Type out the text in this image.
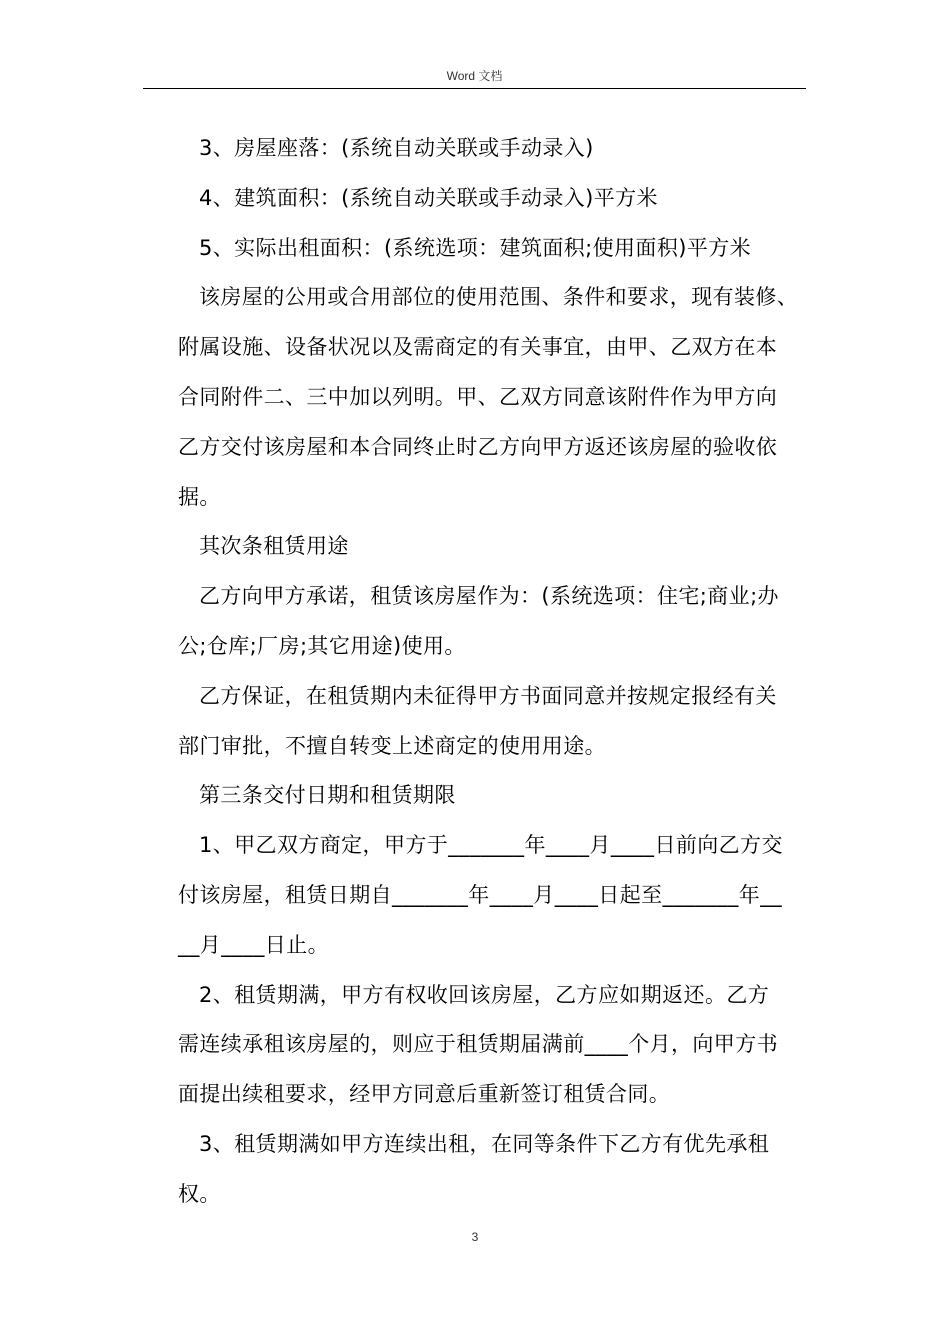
Word 文档

3、房屋座落：(系统自动关联或手动录入)

4、建筑面积：(系统自动关联或手动录入)平方米

5、实际出租面积：(系统选项：建筑面积;使用面积)平方米

该房屋的公用或合用部位的使用范围、条件和要求，现有装修、

附属设施、设备状况以及需商定的有关事宜，由甲、乙双方在本

合同附件二、三中加以列明。甲、乙双方同意该附件作为甲方向

乙方交付该房屋和本合同终止时乙方向甲方返还该房屋的验收依

据。

其次条租赁用途

乙方向甲方承诺，租赁该房屋作为：(系统选项：住宅;商业;办

公;仓库;厂房;其它用途)使用。

乙方保证，在租赁期内未征得甲方书面同意并按规定报经有关

部门审批，不擅自转变上述商定的使用用途。

第三条交付日期和租赁期限

1、甲乙双方商定，甲方于_______年____月____日前向乙方交

付该房屋，租赁日期自_______年____月____日起至_______年__

__月____日止。

2、租赁期满，甲方有权收回该房屋，乙方应如期返还。乙方

需连续承租该房屋的，则应于租赁期届满前____个月，向甲方书

面提出续租要求，经甲方同意后重新签订租赁合同。

3、租赁期满如甲方连续出租，在同等条件下乙方有优先承租

权。

3
